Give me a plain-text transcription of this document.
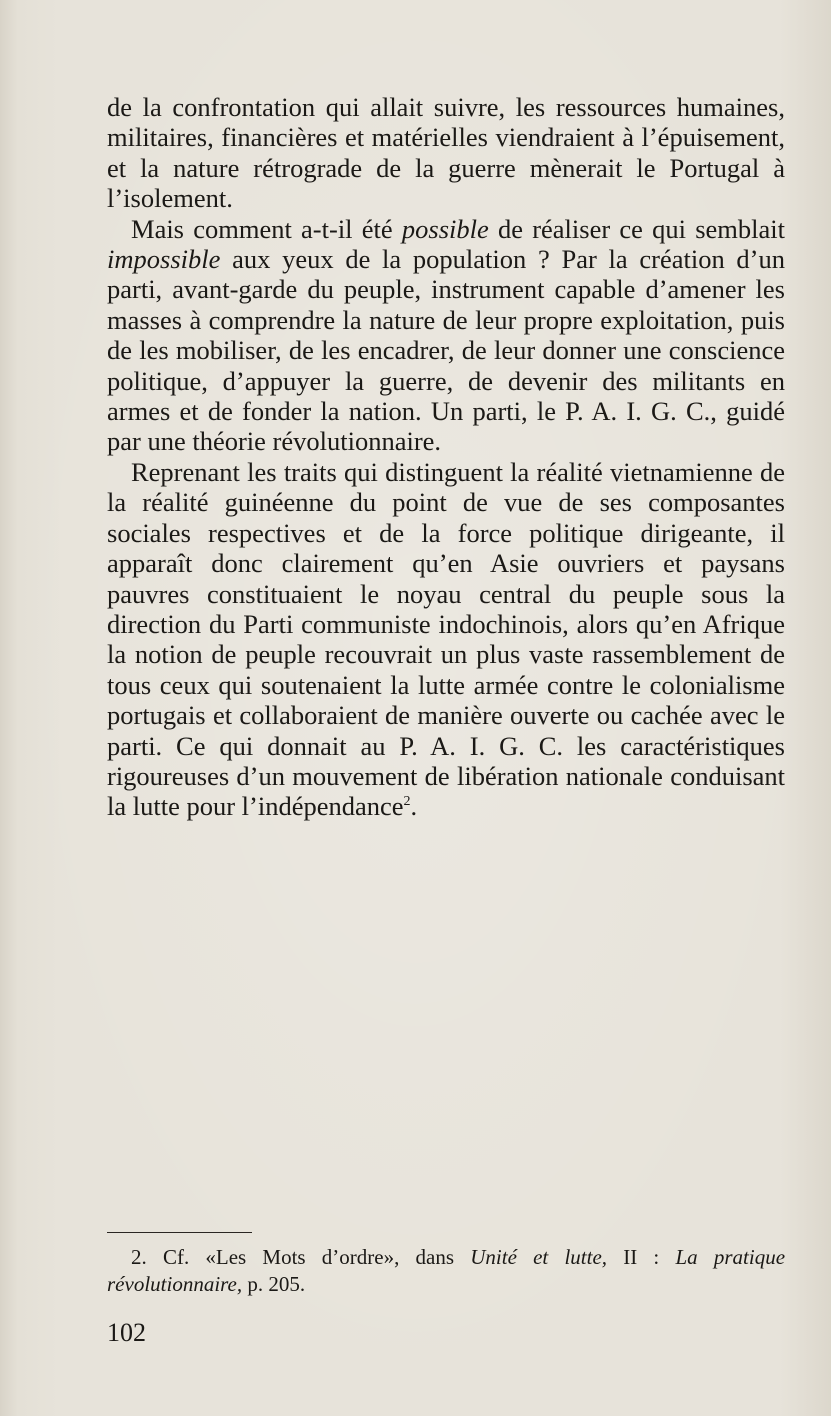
de la confrontation qui allait suivre, les ressources humaines, militaires, financières et matérielles viendraient à l’épuisement, et la nature rétrograde de la guerre mènerait le Portugal à l’isolement.

Mais comment a-t-il été possible de réaliser ce qui semblait impossible aux yeux de la population ? Par la création d’un parti, avant-garde du peuple, instrument capable d’amener les masses à comprendre la nature de leur propre exploitation, puis de les mobiliser, de les encadrer, de leur donner une conscience politique, d’appuyer la guerre, de devenir des militants en armes et de fonder la nation. Un parti, le P. A. I. G. C., guidé par une théorie révolutionnaire.

Reprenant les traits qui distinguent la réalité vietnamienne de la réalité guinéenne du point de vue de ses composantes sociales respectives et de la force politique dirigeante, il apparaît donc clairement qu’en Asie ouvriers et paysans pauvres constituaient le noyau central du peuple sous la direction du Parti communiste indochinois, alors qu’en Afrique la notion de peuple recouvrait un plus vaste rassemblement de tous ceux qui soutenaient la lutte armée contre le colonialisme portugais et collaboraient de manière ouverte ou cachée avec le parti. Ce qui donnait au P. A. I. G. C. les caractéristiques rigoureuses d’un mouvement de libération nationale conduisant la lutte pour l’indépendance$^2$.

2. Cf. «Les Mots d’ordre», dans Unité et lutte, II : La pratique révolutionnaire, p. 205.

102
